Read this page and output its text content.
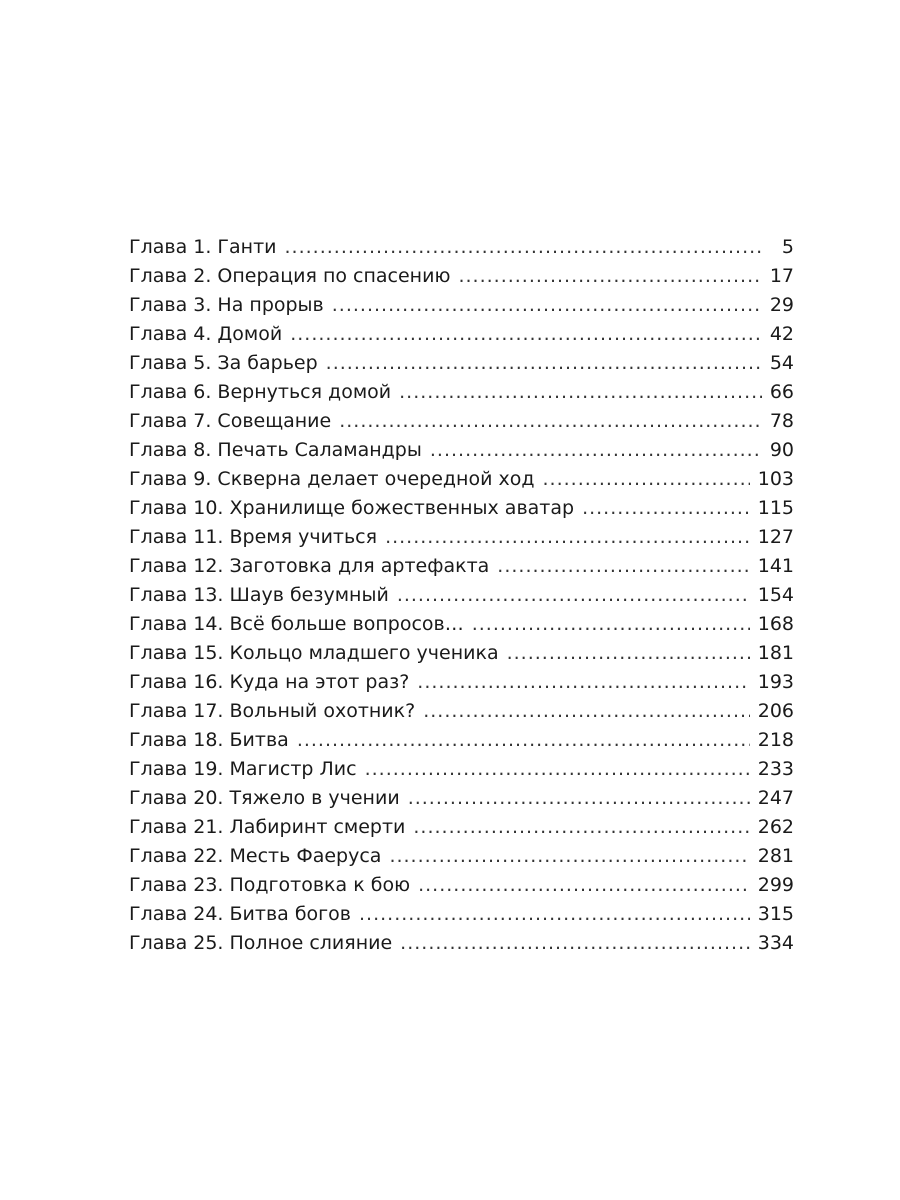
Глава 1. Ганти .....	5
Глава 2. Операция по спасению .....	17
Глава 3. На прорыв .....	29
Глава 4. Домой .....	42
Глава 5. За барьер .....	54
Глава 6. Вернуться домой .....	66
Глава 7. Совещание .....	78
Глава 8. Печать Саламандры .....	90
Глава 9. Скверна делает очередной ход .....	103
Глава 10. Хранилище божественных аватар .....	115
Глава 11. Время учиться .....	127
Глава 12. Заготовка для артефакта .....	141
Глава 13. Шаув безумный .....	154
Глава 14. Всё больше вопросов… .....	168
Глава 15. Кольцо младшего ученика .....	181
Глава 16. Куда на этот раз? .....	193
Глава 17. Вольный охотник? .....	206
Глава 18. Битва .....	218
Глава 19. Магистр Лис .....	233
Глава 20. Тяжело в учении .....	247
Глава 21. Лабиринт смерти .....	262
Глава 22. Месть Фаеруса .....	281
Глава 23. Подготовка к бою .....	299
Глава 24. Битва богов .....	315
Глава 25. Полное слияние .....	334
